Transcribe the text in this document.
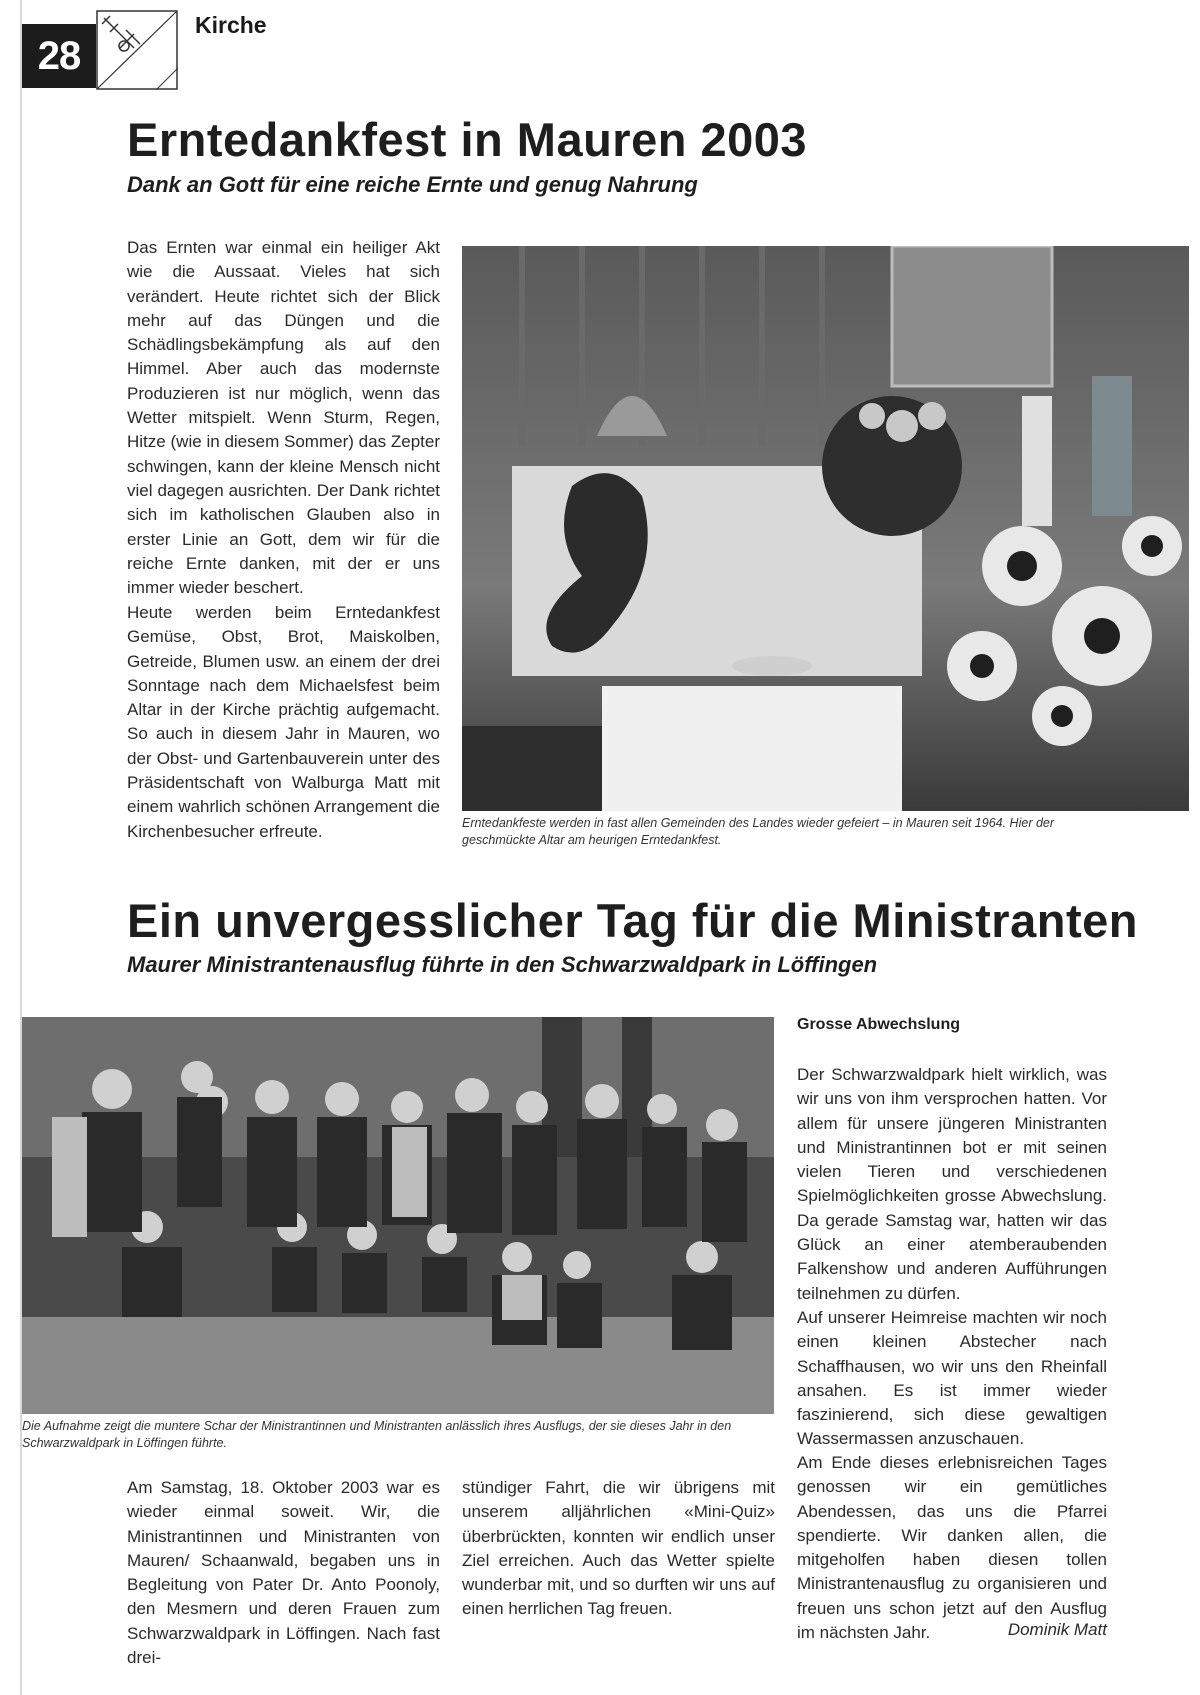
28
Kirche
Erntedankfest in Mauren 2003
Dank an Gott für eine reiche Ernte und genug Nahrung

Das Ernten war einmal ein heiliger Akt wie die Aussaat. Vieles hat sich verändert. Heute richtet sich der Blick mehr auf das Düngen und die Schädlingsbekämpfung als auf den Himmel. Aber auch das modernste Produzieren ist nur möglich, wenn das Wetter mitspielt. Wenn Sturm, Regen, Hitze (wie in diesem Sommer) das Zepter schwingen, kann der kleine Mensch nicht viel dagegen ausrichten. Der Dank richtet sich im katholischen Glauben also in erster Linie an Gott, dem wir für die reiche Ernte danken, mit der er uns immer wieder beschert.

Heute werden beim Erntedankfest Gemüse, Obst, Brot, Maiskolben, Getreide, Blumen usw. an einem der drei Sonntage nach dem Michaelsfest beim Altar in der Kirche prächtig aufgemacht. So auch in diesem Jahr in Mauren, wo der Obst- und Gartenbauverein unter des Präsidentschaft von Walburga Matt mit einem wahrlich schönen Arrangement die Kirchenbesucher erfreute.	Erntedankfeste werden in fast allen Gemeinden des Landes wieder gefeiert – in Mauren seit 1964. Hier der geschmückte Altar am heurigen Erntedankfest.

Ein unvergesslicher Tag für die Ministranten
Maurer Ministrantenausflug führte in den Schwarzwaldpark in Löffingen

Die Aufnahme zeigt die muntere Schar der Ministrantinnen und Ministranten anlässlich ihres Ausflugs, der sie dieses Jahr in den Schwarzwaldpark in Löffingen führte.

Am Samstag, 18. Oktober 2003 war es wieder einmal soweit. Wir, die Ministrantinnen und Ministranten von Mauren/ Schaanwald, begaben uns in Begleitung von Pater Dr. Anto Poonoly, den Mesmern und deren Frauen zum Schwarzwaldpark in Löffingen. Nach fast drei-

stündiger Fahrt, die wir übrigens mit unserem alljährlichen «Mini-Quiz» überbrückten, konnten wir endlich unser Ziel erreichen. Auch das Wetter spielte wunderbar mit, und so durften wir uns auf einen herrlichen Tag freuen.

Grosse Abwechslung

Der Schwarzwaldpark hielt wirklich, was wir uns von ihm versprochen hatten. Vor allem für unsere jüngeren Ministranten und Ministrantinnen bot er mit seinen vielen Tieren und verschiedenen Spielmöglichkeiten grosse Abwechslung. Da gerade Samstag war, hatten wir das Glück an einer atemberaubenden Falkenshow und anderen Aufführungen teilnehmen zu dürfen.

Auf unserer Heimreise machten wir noch einen kleinen Abstecher nach Schaffhausen, wo wir uns den Rheinfall ansahen. Es ist immer wieder faszinierend, sich diese gewaltigen Wassermassen anzuschauen.

Am Ende dieses erlebnisreichen Tages genossen wir ein gemütliches Abendessen, das uns die Pfarrei spendierte. Wir danken allen, die mitgeholfen haben diesen tollen Ministrantenausflug zu organisieren und freuen uns schon jetzt auf den Ausflug im nächsten Jahr.	Dominik Matt
